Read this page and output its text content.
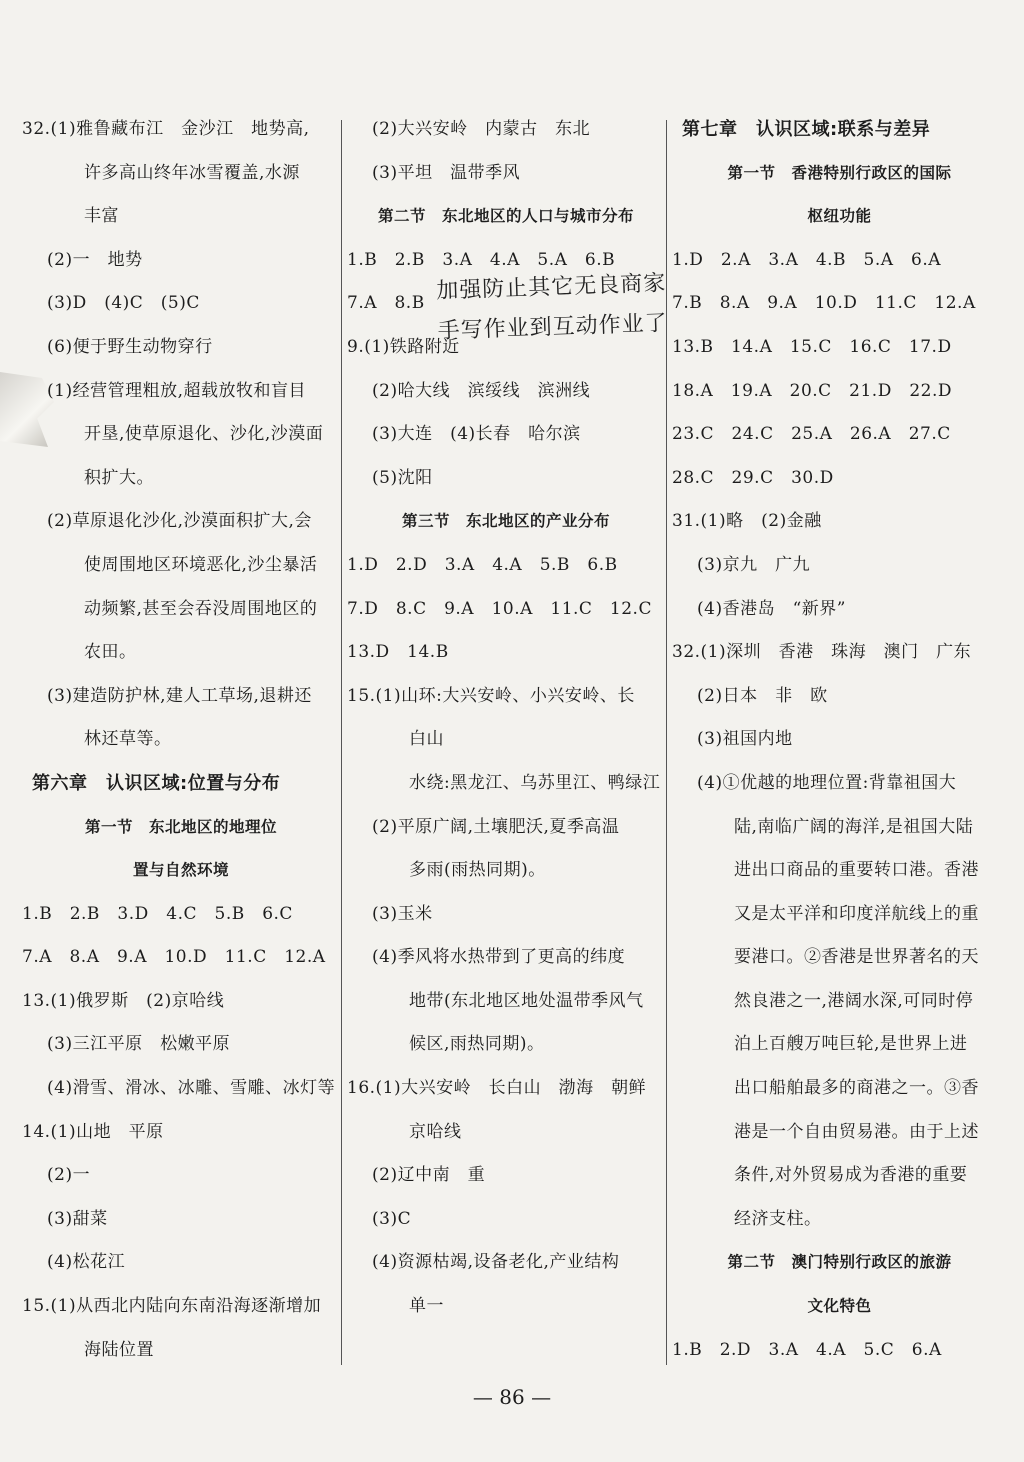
32.(1)雅鲁藏布江　金沙江　地势高,
许多高山终年冰雪覆盖,水源
丰富
(2)一　地势
(3)D　(4)C　(5)C
(6)便于野生动物穿行
(1)经营管理粗放,超载放牧和盲目
开垦,使草原退化、沙化,沙漠面
积扩大。
(2)草原退化沙化,沙漠面积扩大,会
使周围地区环境恶化,沙尘暴活
动频繁,甚至会吞没周围地区的
农田。
(3)建造防护林,建人工草场,退耕还
林还草等。
第六章　认识区域:位置与分布
第一节　东北地区的地理位
置与自然环境
1.B　2.B　3.D　4.C　5.B　6.C
7.A　8.A　9.A　10.D　11.C　12.A
13.(1)俄罗斯　(2)京哈线
(3)三江平原　松嫩平原
(4)滑雪、滑冰、冰雕、雪雕、冰灯等
14.(1)山地　平原
(2)一
(3)甜菜
(4)松花江
15.(1)从西北内陆向东南沿海逐渐增加
海陆位置
(2)大兴安岭　内蒙古　东北
(3)平坦　温带季风
第二节　东北地区的人口与城市分布
1.B　2.B　3.A　4.A　5.A　6.B
7.A　8.B
9.(1)铁路附近
(2)哈大线　滨绥线　滨洲线
(3)大连　(4)长春　哈尔滨
(5)沈阳
第三节　东北地区的产业分布
1.D　2.D　3.A　4.A　5.B　6.B
7.D　8.C　9.A　10.A　11.C　12.C
13.D　14.B
15.(1)山环:大兴安岭、小兴安岭、长
白山
水绕:黑龙江、乌苏里江、鸭绿江
(2)平原广阔,土壤肥沃,夏季高温
多雨(雨热同期)。
(3)玉米
(4)季风将水热带到了更高的纬度
地带(东北地区地处温带季风气
候区,雨热同期)。
16.(1)大兴安岭　长白山　渤海　朝鲜
京哈线
(2)辽中南　重
(3)C
(4)资源枯竭,设备老化,产业结构
单一
第七章　认识区域:联系与差异
第一节　香港特别行政区的国际
枢纽功能
1.D　2.A　3.A　4.B　5.A　6.A
7.B　8.A　9.A　10.D　11.C　12.A
13.B　14.A　15.C　16.C　17.D
18.A　19.A　20.C　21.D　22.D
23.C　24.C　25.A　26.A　27.C
28.C　29.C　30.D
31.(1)略　(2)金融
(3)京九　广九
(4)香港岛　“新界”
32.(1)深圳　香港　珠海　澳门　广东
(2)日本　非　欧
(3)祖国内地
(4)①优越的地理位置:背靠祖国大
陆,南临广阔的海洋,是祖国大陆
进出口商品的重要转口港。香港
又是太平洋和印度洋航线上的重
要港口。②香港是世界著名的天
然良港之一,港阔水深,可同时停
泊上百艘万吨巨轮,是世界上进
出口船舶最多的商港之一。③香
港是一个自由贸易港。由于上述
条件,对外贸易成为香港的重要
经济支柱。
第二节　澳门特别行政区的旅游
文化特色
1.B　2.D　3.A　4.A　5.C　6.A
加强防止其它无良商家
手写作业到互动作业了
— 86 —
